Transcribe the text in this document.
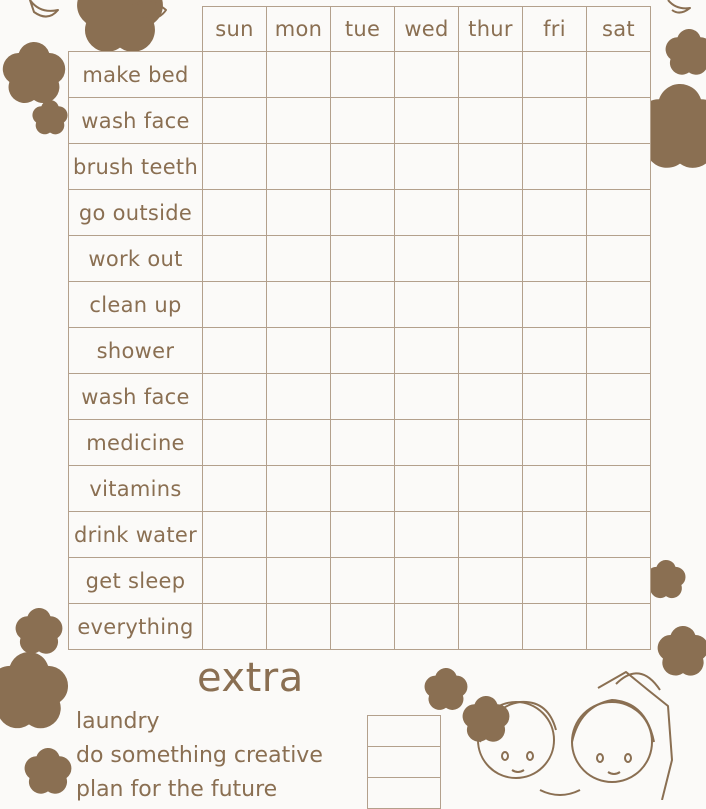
	sun	mon	tue	wed	thur	fri	sat
make bed							
wash face							
brush teeth							
go outside							
work out							
clean up							
shower							
wash face							
medicine							
vitamins							
drink water							
get sleep							
everything							
extra
laundry
do something creative
plan for the future
